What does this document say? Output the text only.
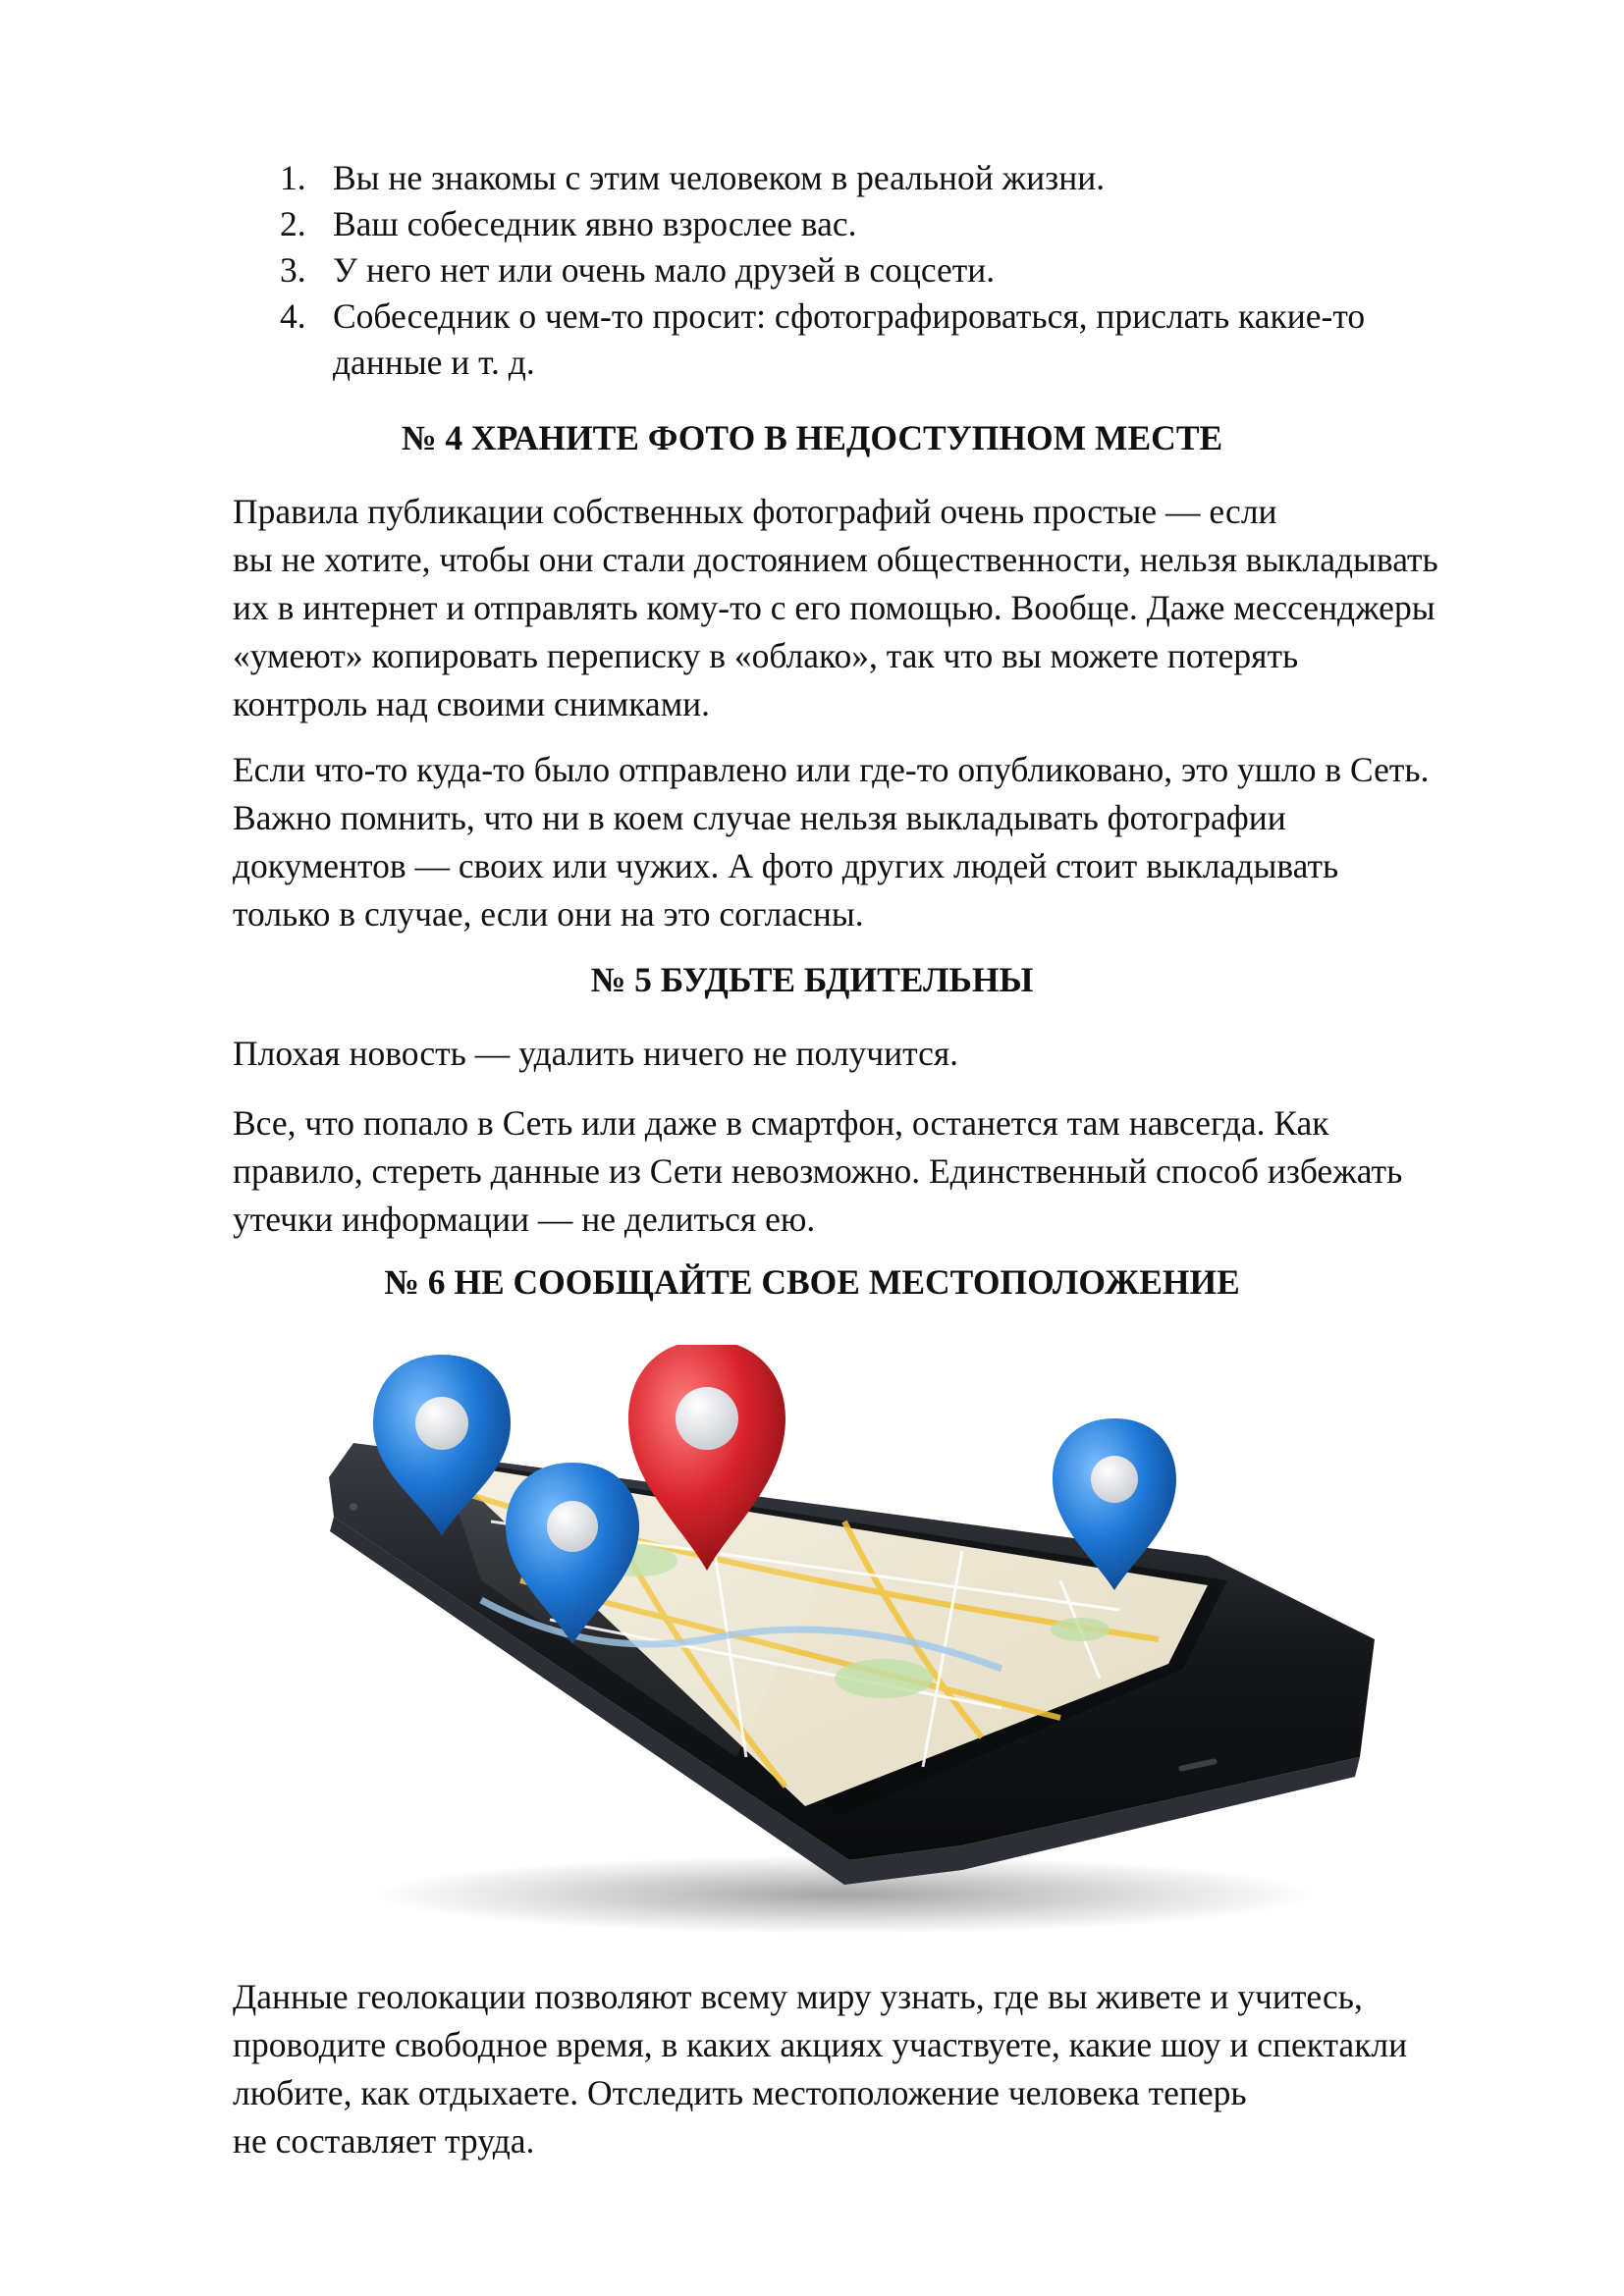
1. Вы не знакомы с этим человеком в реальной жизни.
2. Ваш собеседник явно взрослее вас.
3. У него нет или очень мало друзей в соцсети.
4. Собеседник о чем-то просит: сфотографироваться, прислать какие-то
данные и т. д.
№ 4 ХРАНИТЕ ФОТО В НЕДОСТУПНОМ МЕСТЕ

Правила публикации собственных фотографий очень простые — если
вы не хотите, чтобы они стали достоянием общественности, нельзя выкладывать
их в интернет и отправлять кому-то с его помощью. Вообще. Даже мессенджеры
«умеют» копировать переписку в «облако», так что вы можете потерять
контроль над своими снимками.

Если что-то куда-то было отправлено или где-то опубликовано, это ушло в Сеть.
Важно помнить, что ни в коем случае нельзя выкладывать фотографии
документов — своих или чужих. А фото других людей стоит выкладывать
только в случае, если они на это согласны.

№ 5 БУДЬТЕ БДИТЕЛЬНЫ

Плохая новость — удалить ничего не получится.

Все, что попало в Сеть или даже в смартфон, останется там навсегда. Как
правило, стереть данные из Сети невозможно. Единственный способ избежать
утечки информации — не делиться ею.

№ 6 НЕ СООБЩАЙТЕ СВОЕ МЕСТОПОЛОЖЕНИЕ

Данные геолокации позволяют всему миру узнать, где вы живете и учитесь,
проводите свободное время, в каких акциях участвуете, какие шоу и спектакли
любите, как отдыхаете. Отследить местоположение человека теперь
не составляет труда.
